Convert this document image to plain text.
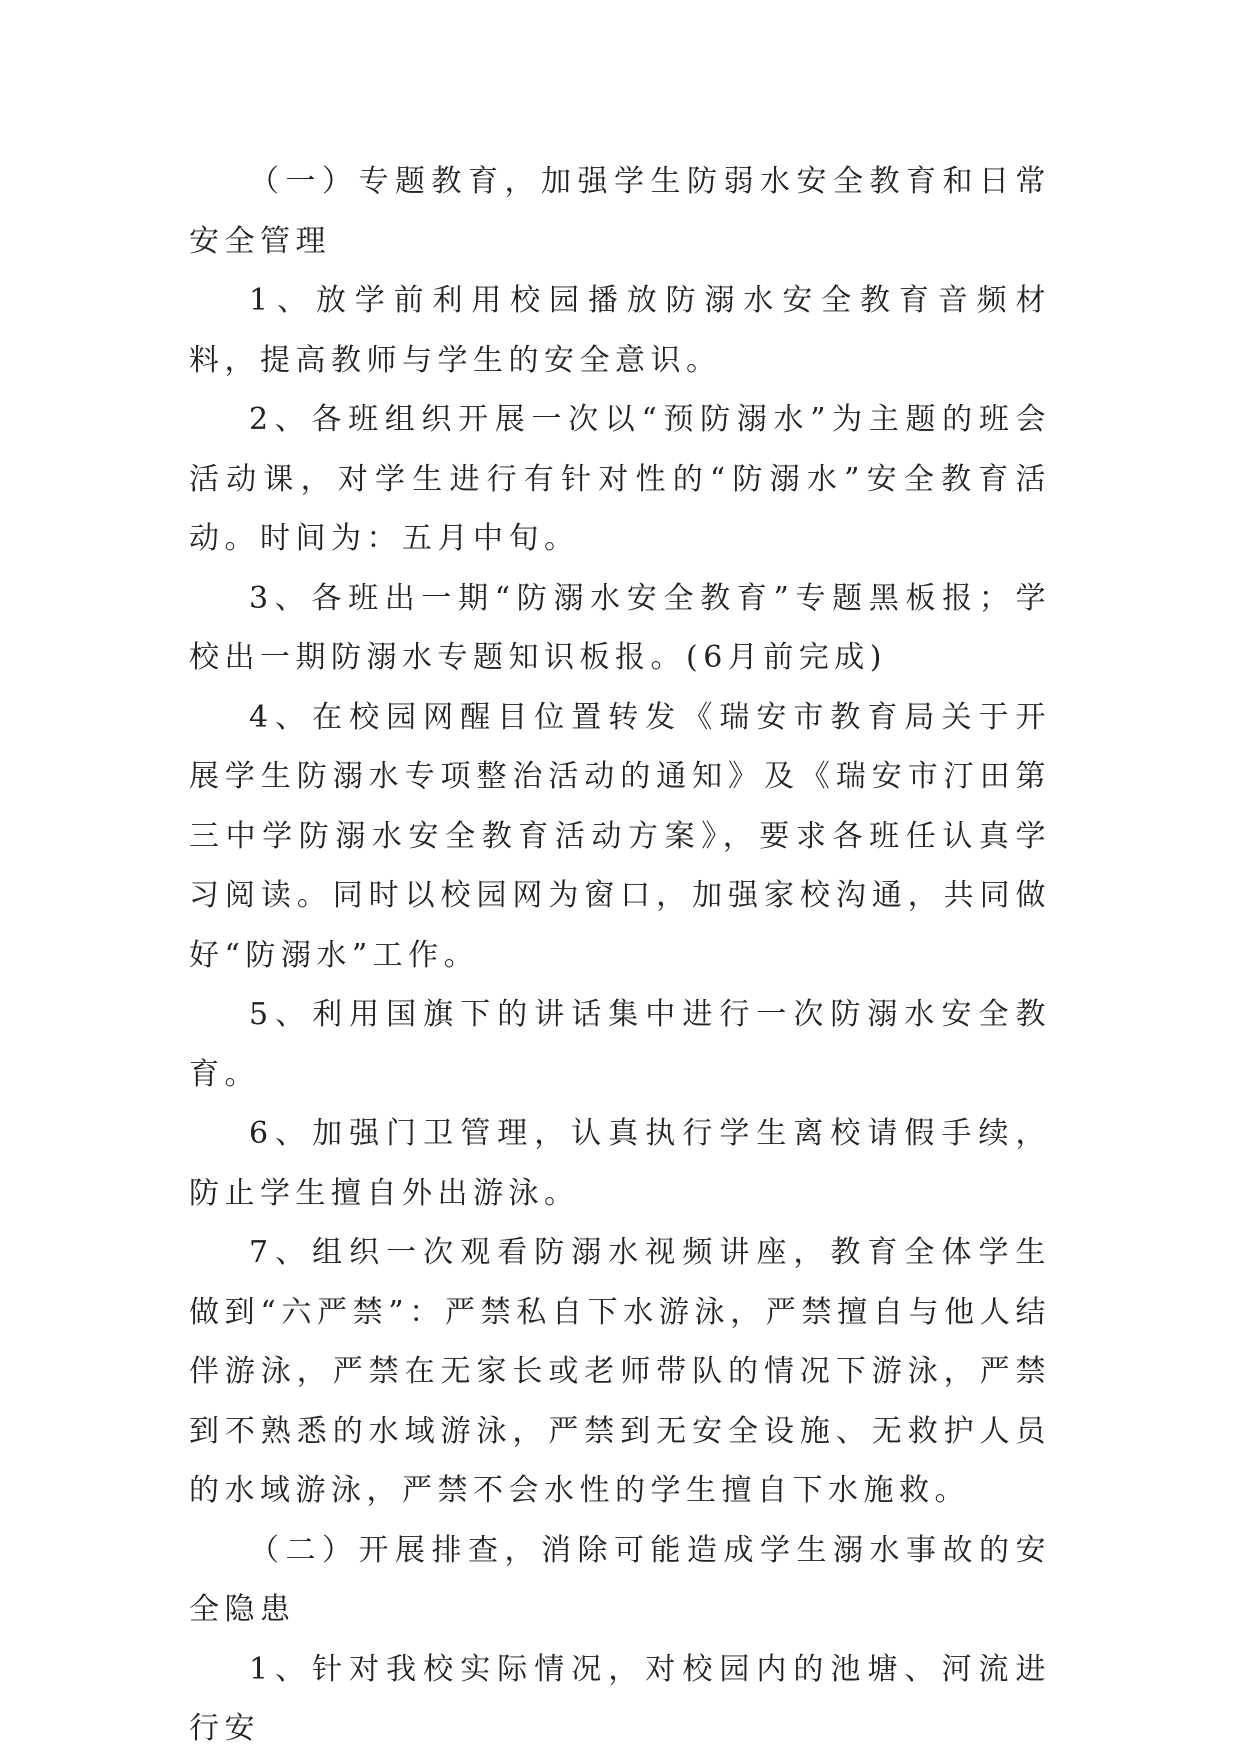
（一）专题教育，加强学生防弱水安全教育和日常安全管理

1、放学前利用校园播放防溺水安全教育音频材料，提高教师与学生的安全意识。

2、各班组织开展一次以“预防溺水”为主题的班会活动课，对学生进行有针对性的“防溺水”安全教育活动。时间为：五月中旬。

3、各班出一期“防溺水安全教育”专题黑板报；学校出一期防溺水专题知识板报。(6月前完成)

4、在校园网醒目位置转发《瑞安市教育局关于开展学生防溺水专项整治活动的通知》及《瑞安市汀田第三中学防溺水安全教育活动方案》，要求各班任认真学习阅读。同时以校园网为窗口，加强家校沟通，共同做好“防溺水”工作。

5、利用国旗下的讲话集中进行一次防溺水安全教育。

6、加强门卫管理，认真执行学生离校请假手续，防止学生擅自外出游泳。

7、组织一次观看防溺水视频讲座，教育全体学生做到“六严禁”：严禁私自下水游泳，严禁擅自与他人结伴游泳，严禁在无家长或老师带队的情况下游泳，严禁到不熟悉的水域游泳，严禁到无安全设施、无救护人员的水域游泳，严禁不会水性的学生擅自下水施救。

（二）开展排查，消除可能造成学生溺水事故的安全隐患

1、针对我校实际情况，对校园内的池塘、河流进行安
